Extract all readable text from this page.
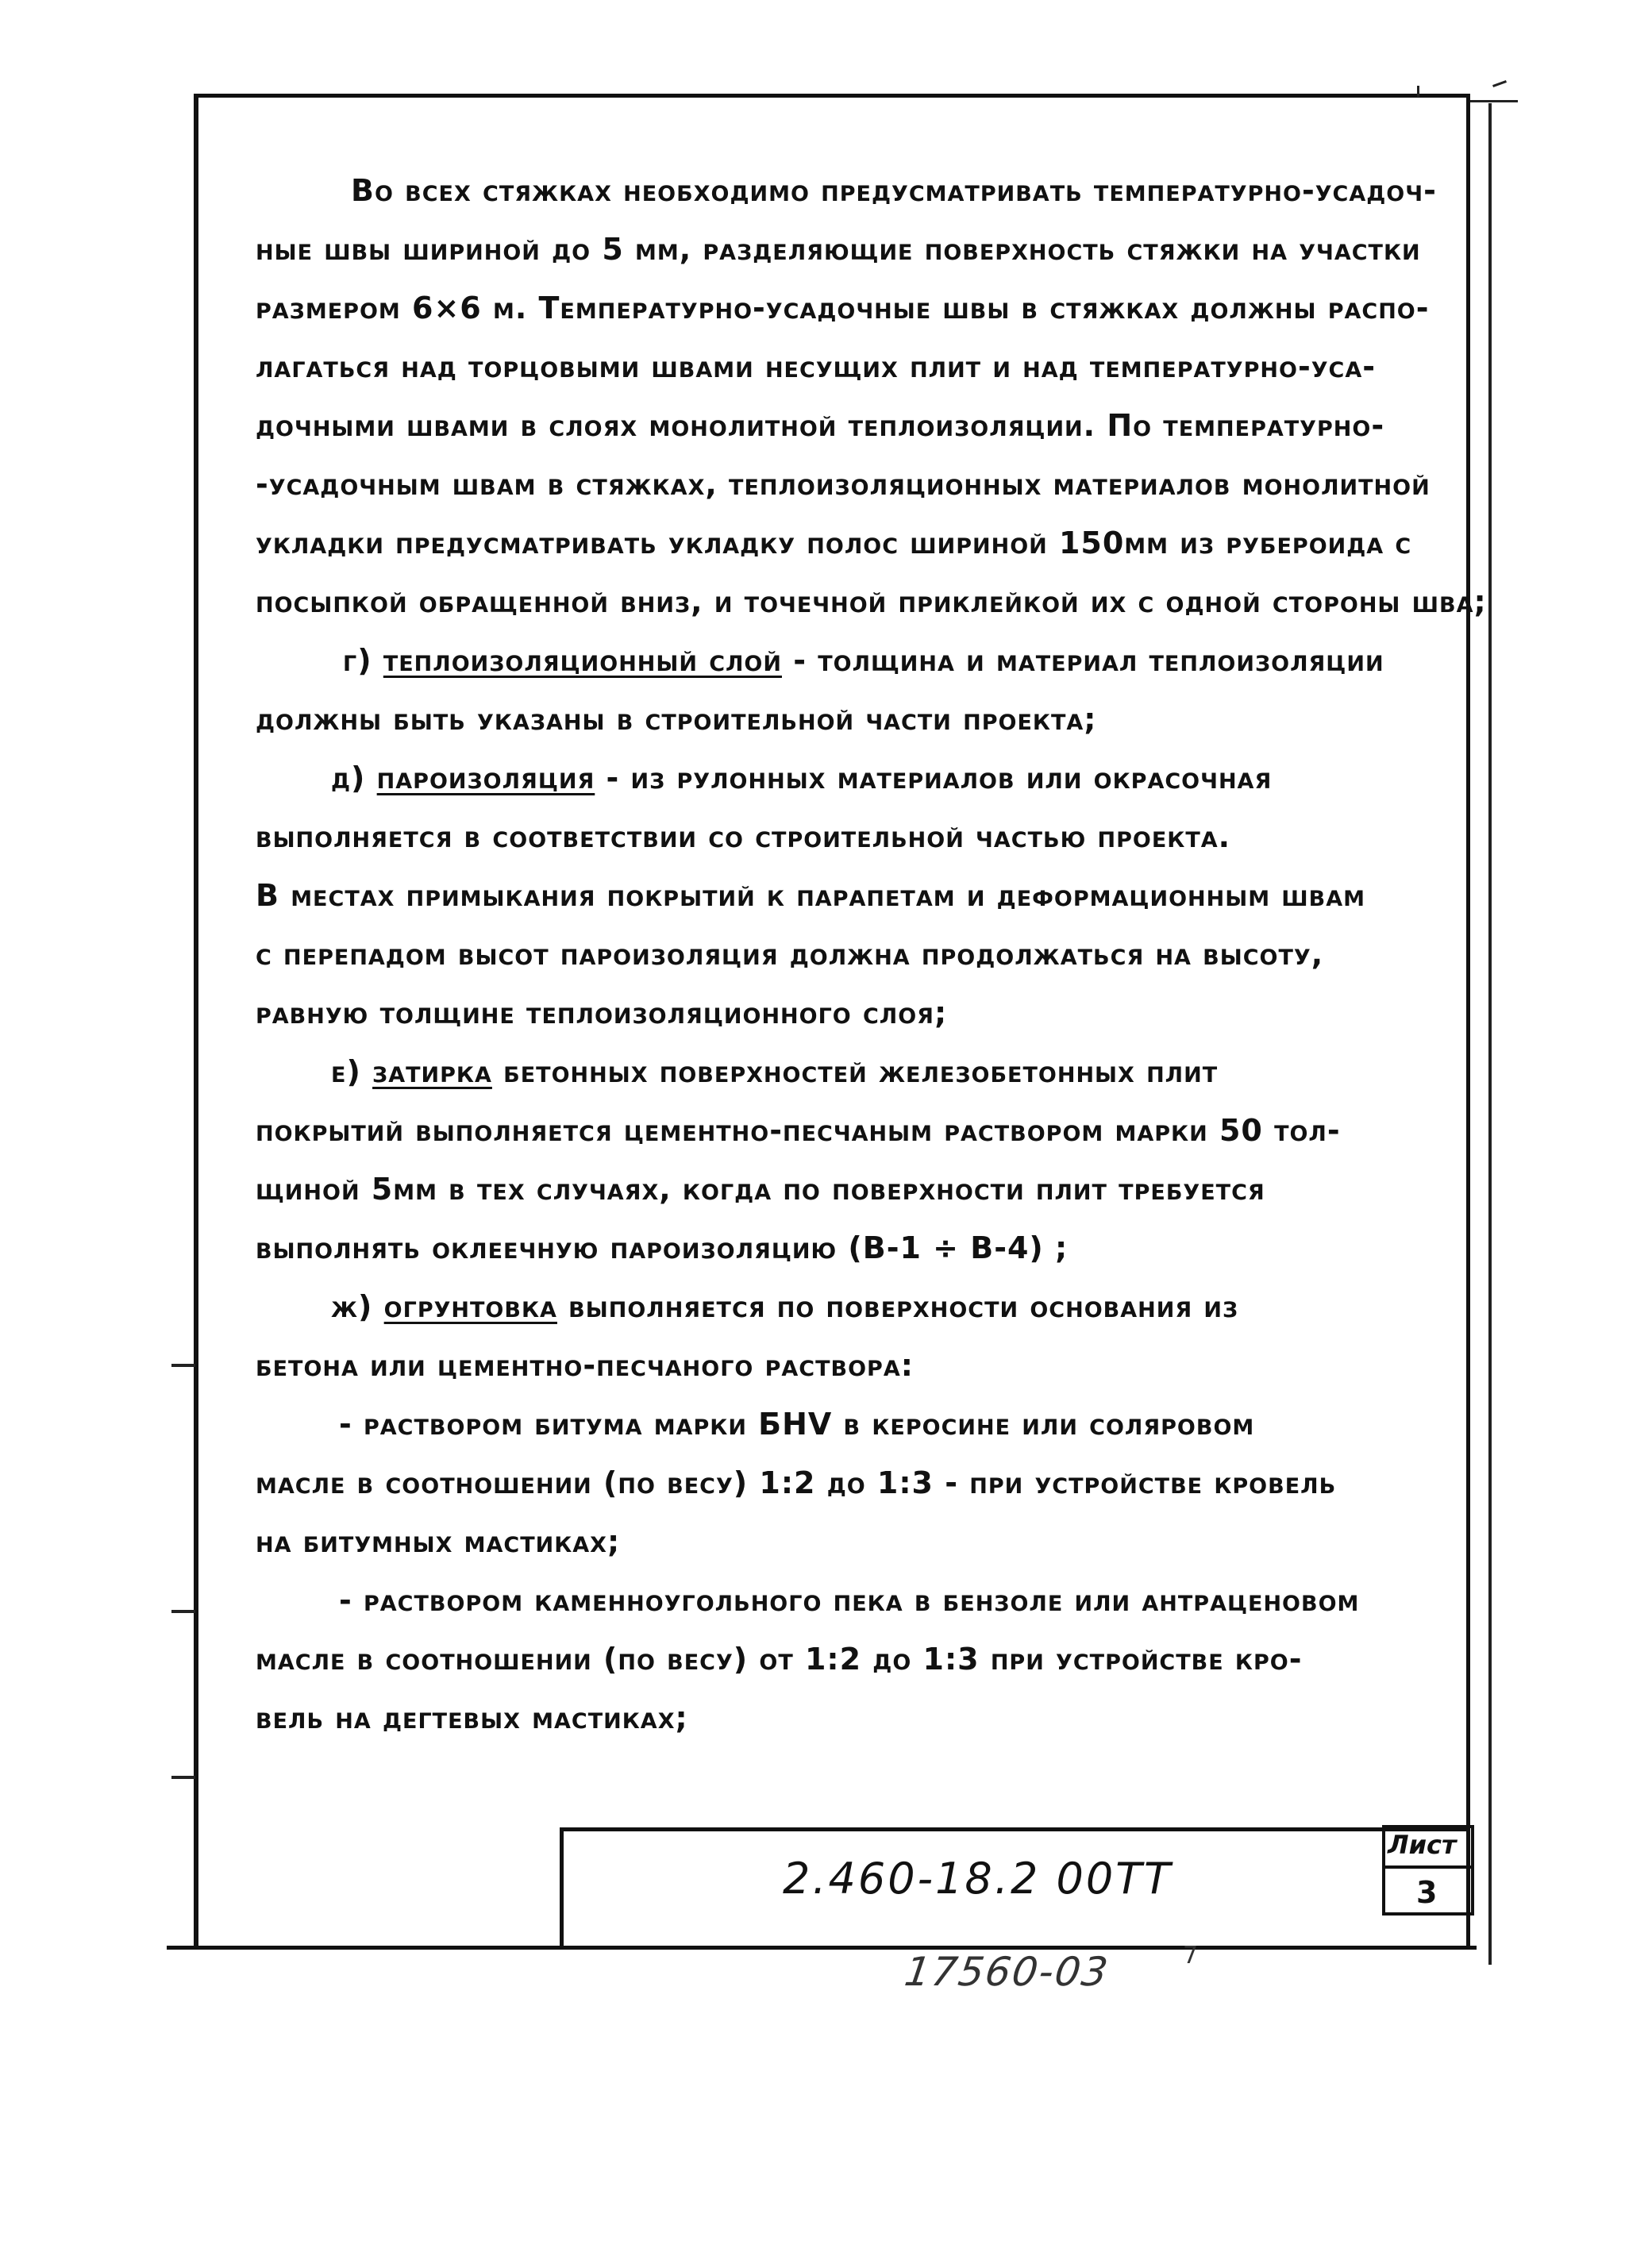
Во всех стяжках необходимо предусматривать температурно-усадоч-
ные швы шириной до 5 мм, разделяющие поверхность стяжки на участки
размером 6×6 м. Температурно-усадочные швы в стяжках должны распо-
лагаться над торцовыми швами несущих плит и над температурно-уса-
дочными швами в слоях монолитной теплоизоляции. По температурно-
-усадочным швам в стяжках, теплоизоляционных материалов монолитной
укладки предусматривать укладку полос шириной 150мм из рубероида с
посыпкой обращенной вниз, и точечной приклейкой их с одной стороны шва;
г) теплоизоляционный слой - толщина и материал теплоизоляции
должны быть указаны в строительной части проекта;
д) пароизоляция - из рулонных материалов или окрасочная
выполняется в соответствии со строительной частью проекта.
В местах примыкания покрытий к парапетам и деформационным швам
с перепадом высот пароизоляция должна продолжаться на высоту,
равную толщине теплоизоляционного слоя;
е) затирка бетонных поверхностей железобетонных плит
покрытий выполняется цементно-песчаным раствором марки 50 тол-
щиной 5мм в тех случаях, когда по поверхности плит требуется
выполнять оклеечную пароизоляцию (В-1 ÷ В-4) ;
ж) огрунтовка выполняется по поверхности основания из
бетона или цементно-песчаного раствора:
- раствором битума марки БНV в керосине или соляровом
масле в соотношении (по весу) 1:2 до 1:3 - при устройстве кровель
на битумных мастиках;
- раствором каменноугольного пека в бензоле или антраценовом
масле в соотношении (по весу) от 1:2 до 1:3 при устройстве кро-
вель на дегтевых мастиках;
2.460-18.2 00ТТ
Лист
3
17560-03	7
